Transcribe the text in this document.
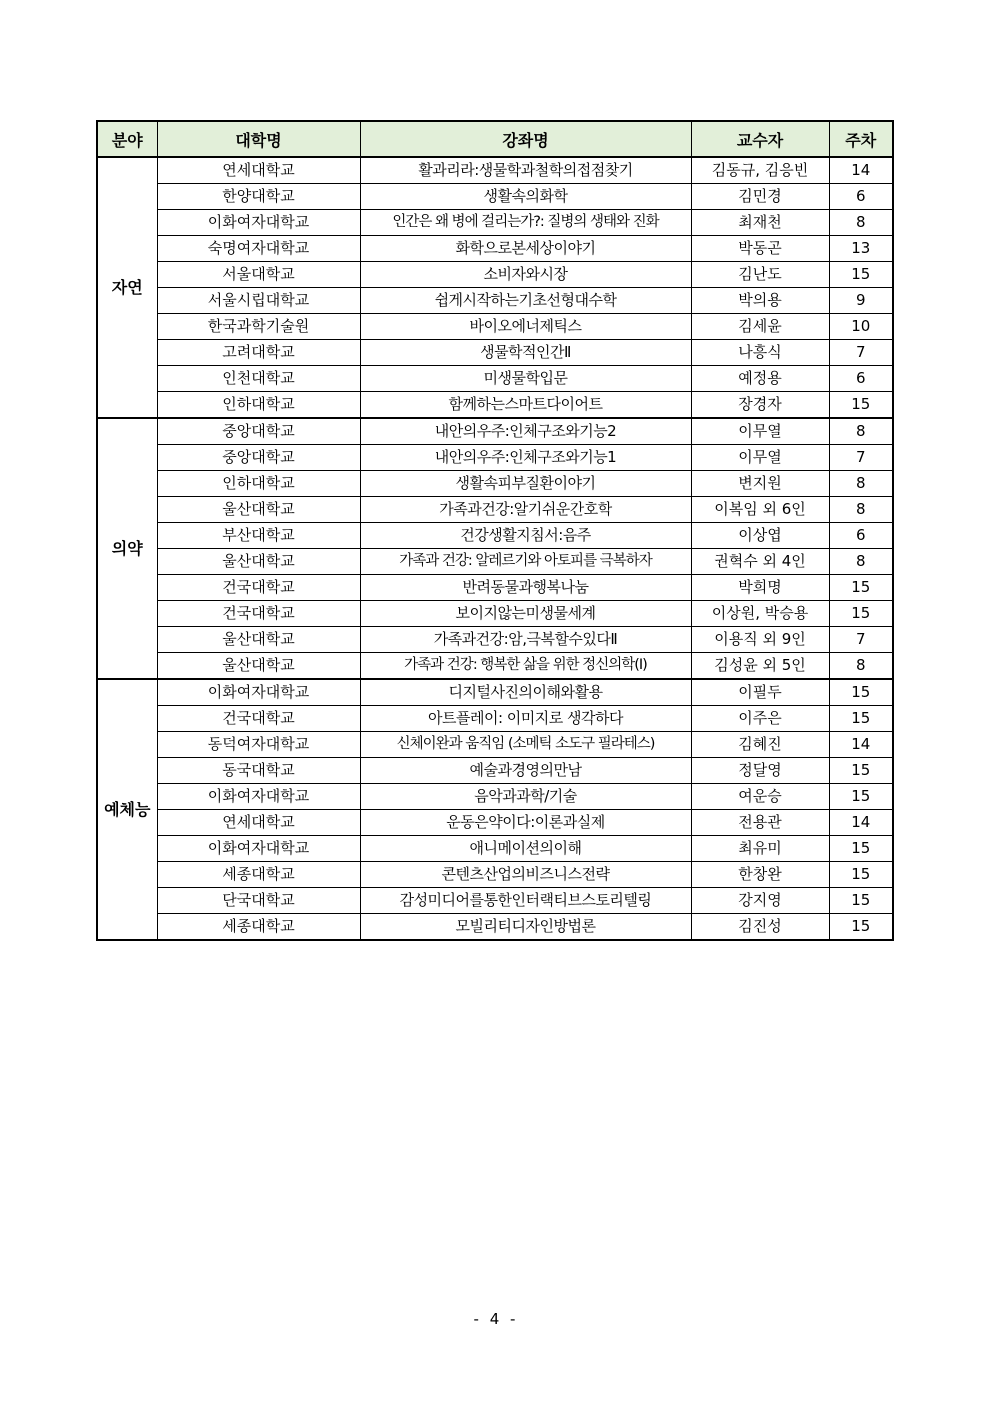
분야	대학명	강좌명	교수자	주차
자연	연세대학교	활과리라:생물학과철학의접점찾기	김동규, 김응빈	14
	한양대학교	생활속의화학	김민경	6
	이화여자대학교	인간은 왜 병에 걸리는가?: 질병의 생태와 진화	최재천	8
	숙명여자대학교	화학으로본세상이야기	박동곤	13
	서울대학교	소비자와시장	김난도	15
	서울시립대학교	쉽게시작하는기초선형대수학	박의용	9
	한국과학기술원	바이오에너제틱스	김세윤	10
	고려대학교	생물학적인간Ⅱ	나흥식	7
	인천대학교	미생물학입문	예정용	6
	인하대학교	함께하는스마트다이어트	장경자	15
의약	중앙대학교	내안의우주:인체구조와기능2	이무열	8
	중앙대학교	내안의우주:인체구조와기능1	이무열	7
	인하대학교	생활속피부질환이야기	변지원	8
	울산대학교	가족과건강:알기쉬운간호학	이복임 외 6인	8
	부산대학교	건강생활지침서:음주	이상엽	6
	울산대학교	가족과 건강: 알레르기와 아토피를 극복하자	권혁수 외 4인	8
	건국대학교	반려동물과행복나눔	박희명	15
	건국대학교	보이지않는미생물세계	이상원, 박승용	15
	울산대학교	가족과건강:암,극복할수있다Ⅱ	이용직 외 9인	7
	울산대학교	가족과 건강: 행복한 삶을 위한 정신의학(Ⅰ)	김성윤 외 5인	8
예체능	이화여자대학교	디지털사진의이해와활용	이필두	15
	건국대학교	아트플레이: 이미지로 생각하다	이주은	15
	동덕여자대학교	신체이완과 움직임 (소메틱 소도구 필라테스)	김혜진	14
	동국대학교	예술과경영의만남	정달영	15
	이화여자대학교	음악과과학/기술	여운승	15
	연세대학교	운동은약이다:이론과실제	전용관	14
	이화여자대학교	애니메이션의이해	최유미	15
	세종대학교	콘텐츠산업의비즈니스전략	한창완	15
	단국대학교	감성미디어를통한인터랙티브스토리텔링	강지영	15
	세종대학교	모빌리티디자인방법론	김진성	15
- 4 -
